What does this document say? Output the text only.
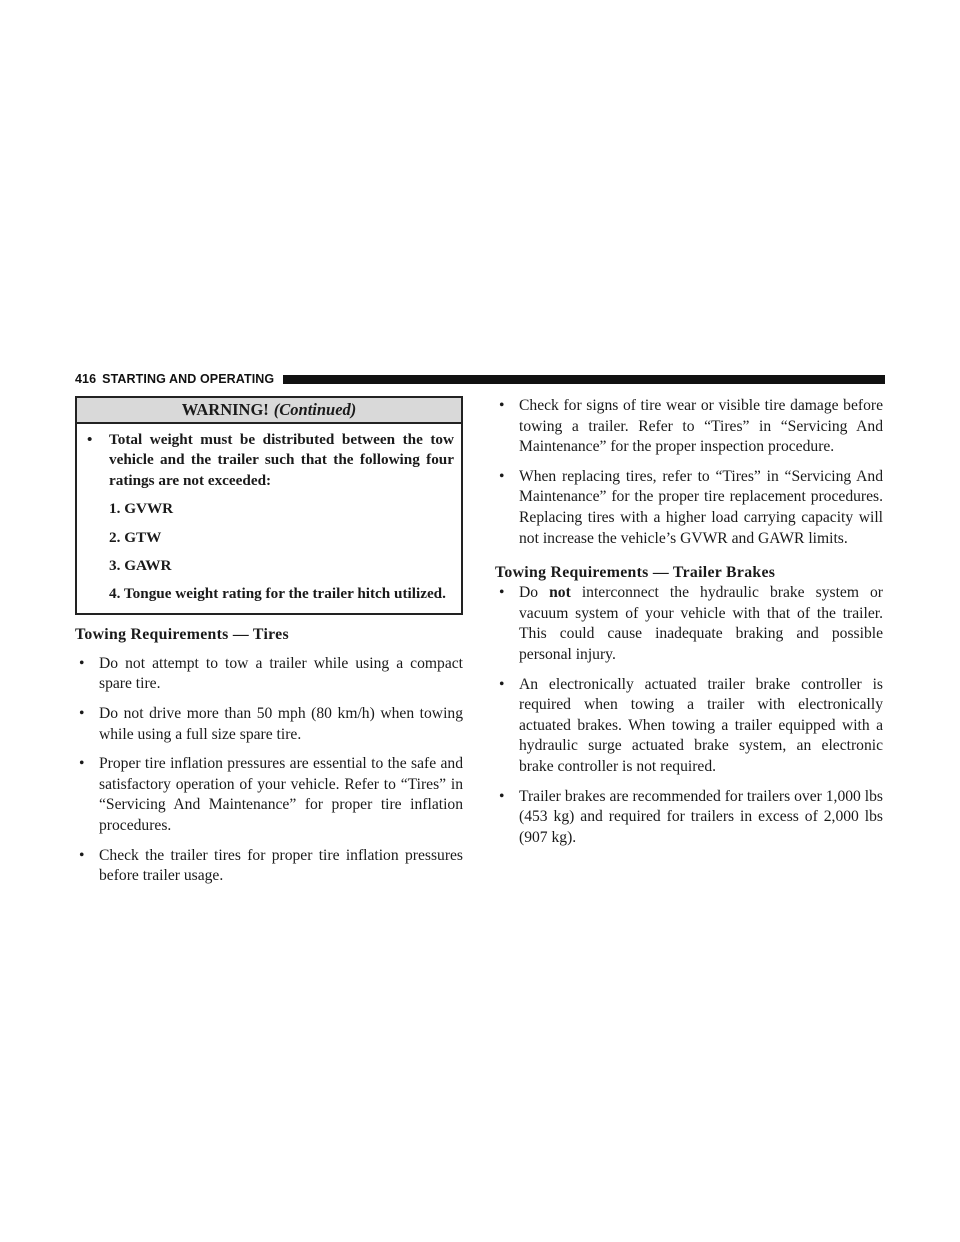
416 STARTING AND OPERATING
WARNING! (Continued)
• Total weight must be distributed between the tow vehicle and the trailer such that the following four ratings are not exceeded:
1. GVWR
2. GTW
3. GAWR
4. Tongue weight rating for the trailer hitch utilized.
Towing Requirements — Tires
• Do not attempt to tow a trailer while using a compact spare tire.
• Do not drive more than 50 mph (80 km/h) when towing while using a full size spare tire.
• Proper tire inflation pressures are essential to the safe and satisfactory operation of your vehicle. Refer to “Tires” in “Servicing And Maintenance” for proper tire inflation procedures.
• Check the trailer tires for proper tire inflation pressures before trailer usage.
• Check for signs of tire wear or visible tire damage before towing a trailer. Refer to “Tires” in “Servicing And Maintenance” for the proper inspection procedure.
• When replacing tires, refer to “Tires” in “Servicing And Maintenance” for the proper tire replacement procedures. Replacing tires with a higher load carrying capacity will not increase the vehicle’s GVWR and GAWR limits.
Towing Requirements — Trailer Brakes
• Do not interconnect the hydraulic brake system or vacuum system of your vehicle with that of the trailer. This could cause inadequate braking and possible personal injury.
• An electronically actuated trailer brake controller is required when towing a trailer with electronically actuated brakes. When towing a trailer equipped with a hydraulic surge actuated brake system, an electronic brake controller is not required.
• Trailer brakes are recommended for trailers over 1,000 lbs (453 kg) and required for trailers in excess of 2,000 lbs (907 kg).
